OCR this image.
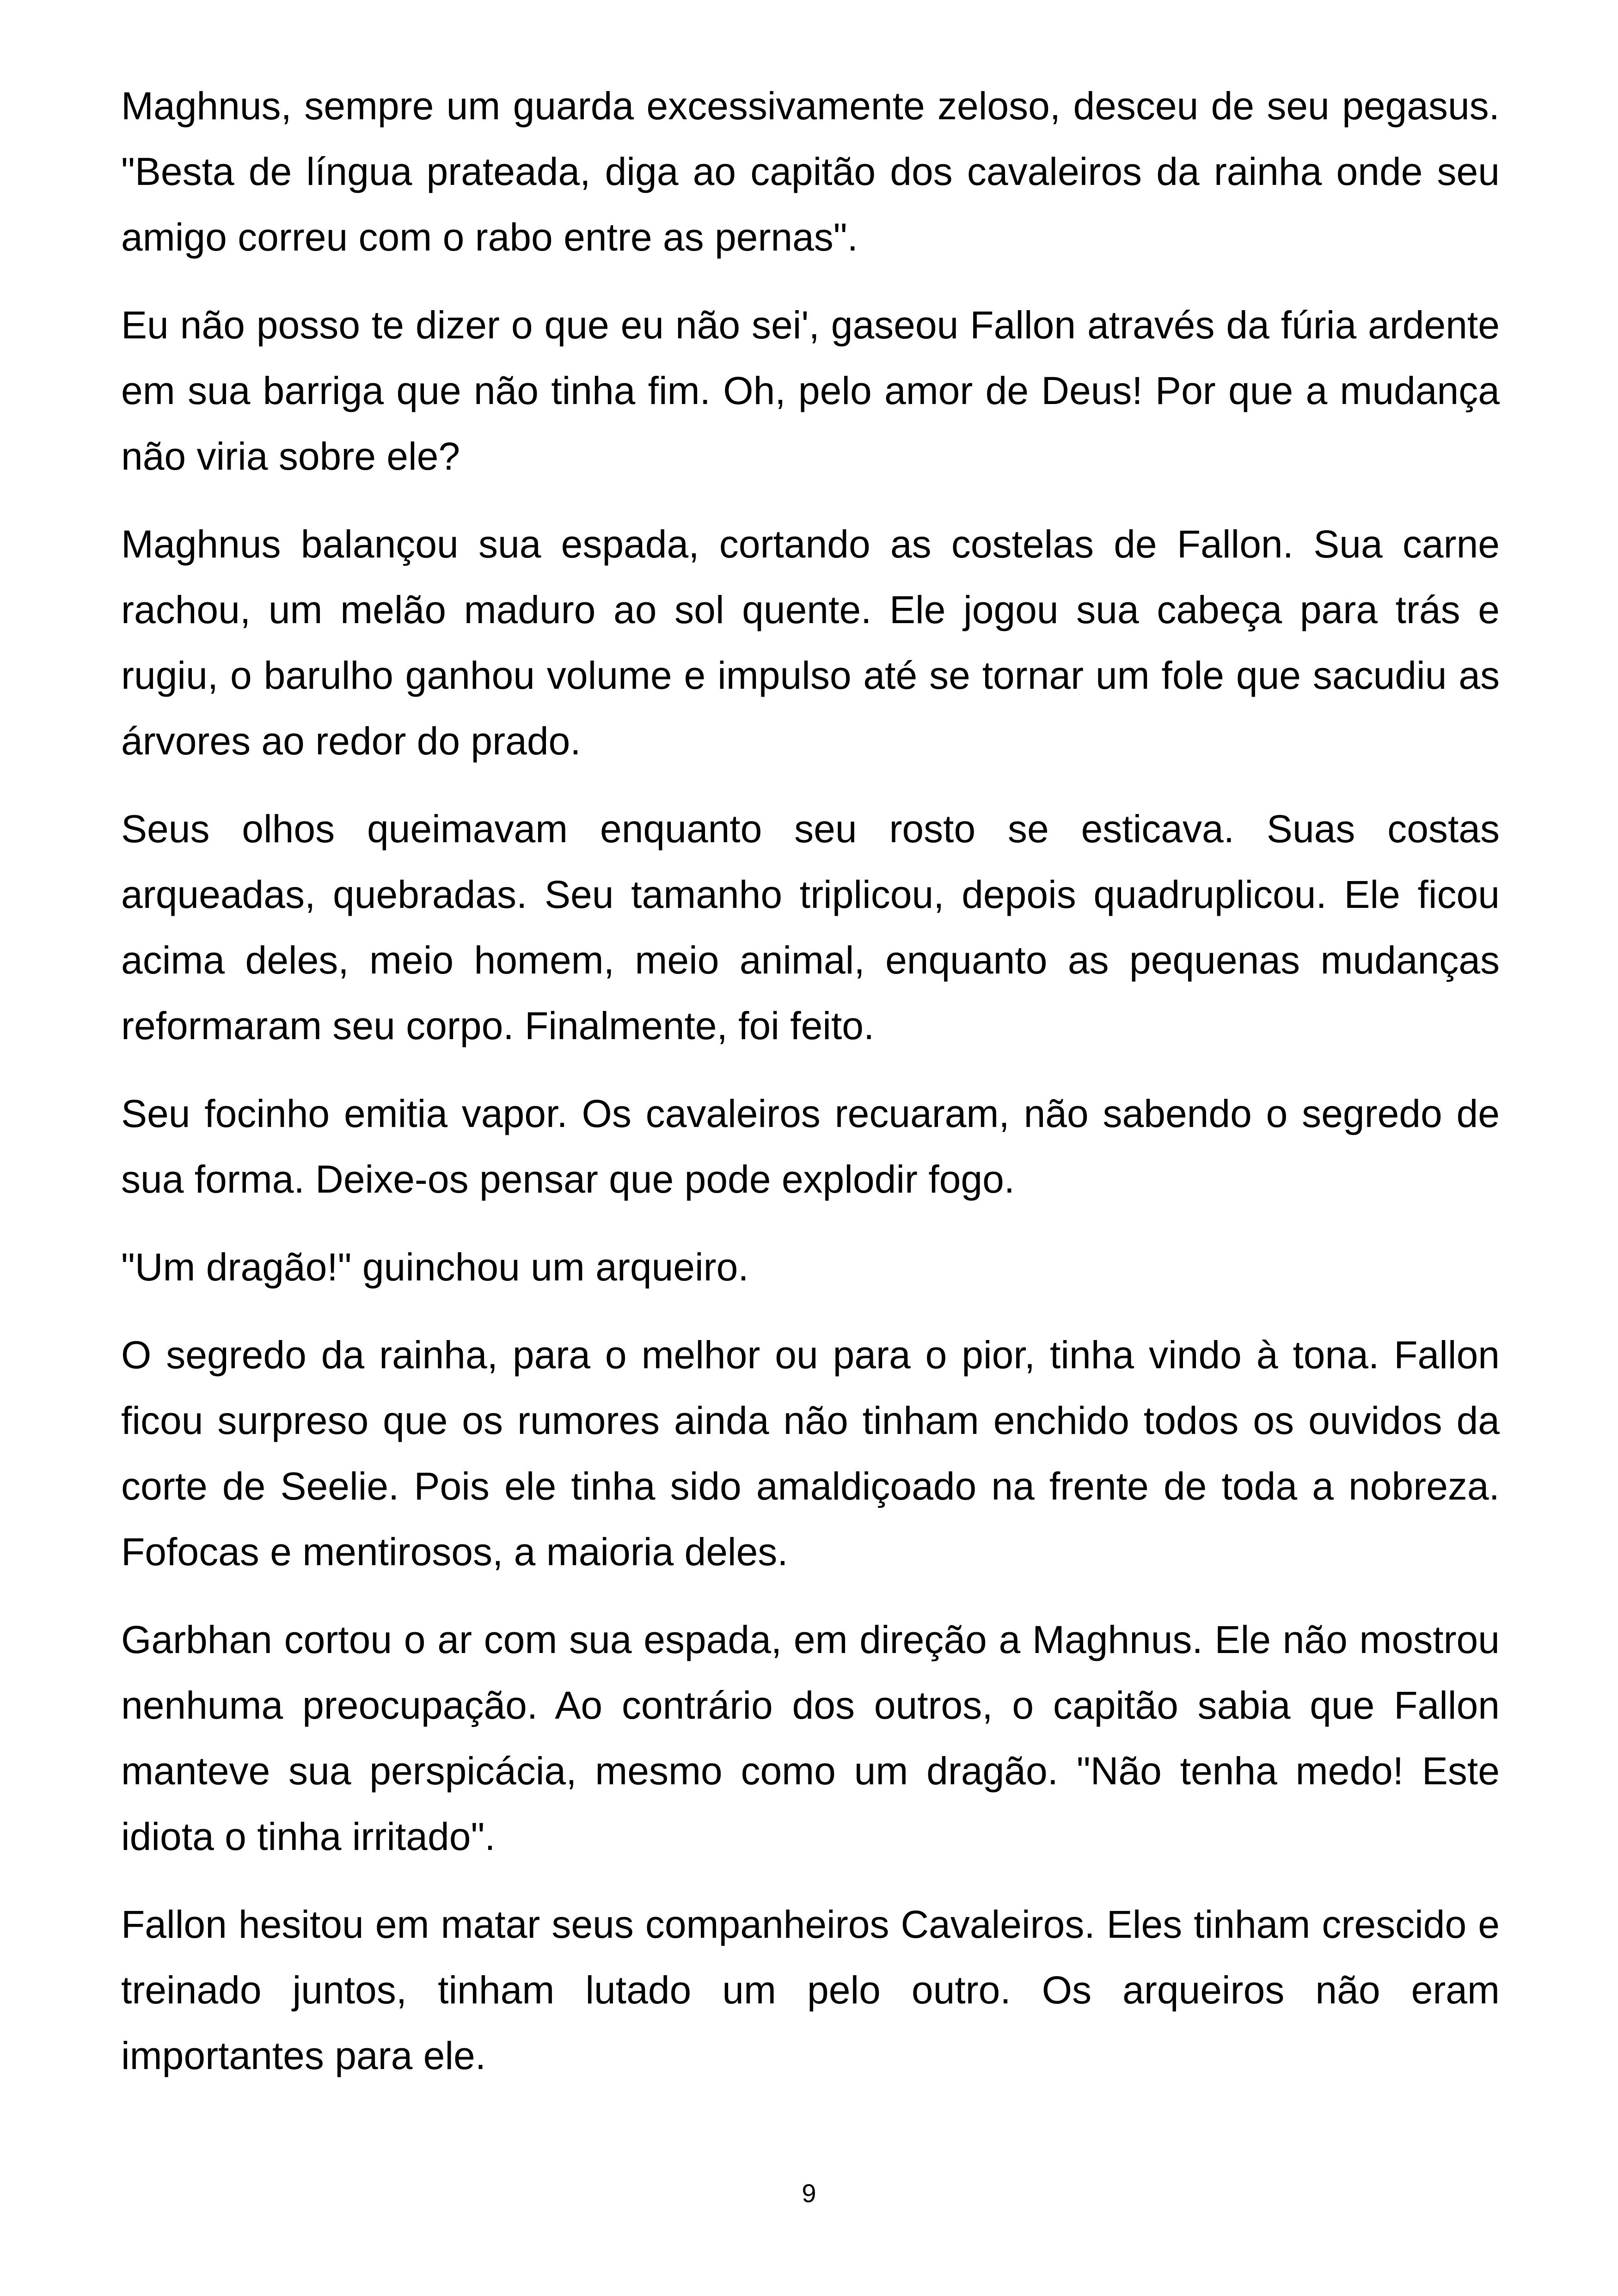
Maghnus, sempre um guarda excessivamente zeloso, desceu de seu pegasus. "Besta de língua prateada, diga ao capitão dos cavaleiros da rainha onde seu amigo correu com o rabo entre as pernas".

Eu não posso te dizer o que eu não sei', gaseou Fallon através da fúria ardente em sua barriga que não tinha fim. Oh, pelo amor de Deus! Por que a mudança não viria sobre ele?

Maghnus balançou sua espada, cortando as costelas de Fallon. Sua carne rachou, um melão maduro ao sol quente. Ele jogou sua cabeça para trás e rugiu, o barulho ganhou volume e impulso até se tornar um fole que sacudiu as árvores ao redor do prado.

Seus olhos queimavam enquanto seu rosto se esticava. Suas costas arqueadas, quebradas. Seu tamanho triplicou, depois quadruplicou. Ele ficou acima deles, meio homem, meio animal, enquanto as pequenas mudanças reformaram seu corpo. Finalmente, foi feito.

Seu focinho emitia vapor. Os cavaleiros recuaram, não sabendo o segredo de sua forma. Deixe-os pensar que pode explodir fogo.

"Um dragão!" guinchou um arqueiro.

O segredo da rainha, para o melhor ou para o pior, tinha vindo à tona. Fallon ficou surpreso que os rumores ainda não tinham enchido todos os ouvidos da corte de Seelie. Pois ele tinha sido amaldiçoado na frente de toda a nobreza. Fofocas e mentirosos, a maioria deles.

Garbhan cortou o ar com sua espada, em direção a Maghnus. Ele não mostrou nenhuma preocupação. Ao contrário dos outros, o capitão sabia que Fallon manteve sua perspicácia, mesmo como um dragão. "Não tenha medo! Este idiota o tinha irritado".

Fallon hesitou em matar seus companheiros Cavaleiros. Eles tinham crescido e treinado juntos, tinham lutado um pelo outro. Os arqueiros não eram importantes para ele.

9
